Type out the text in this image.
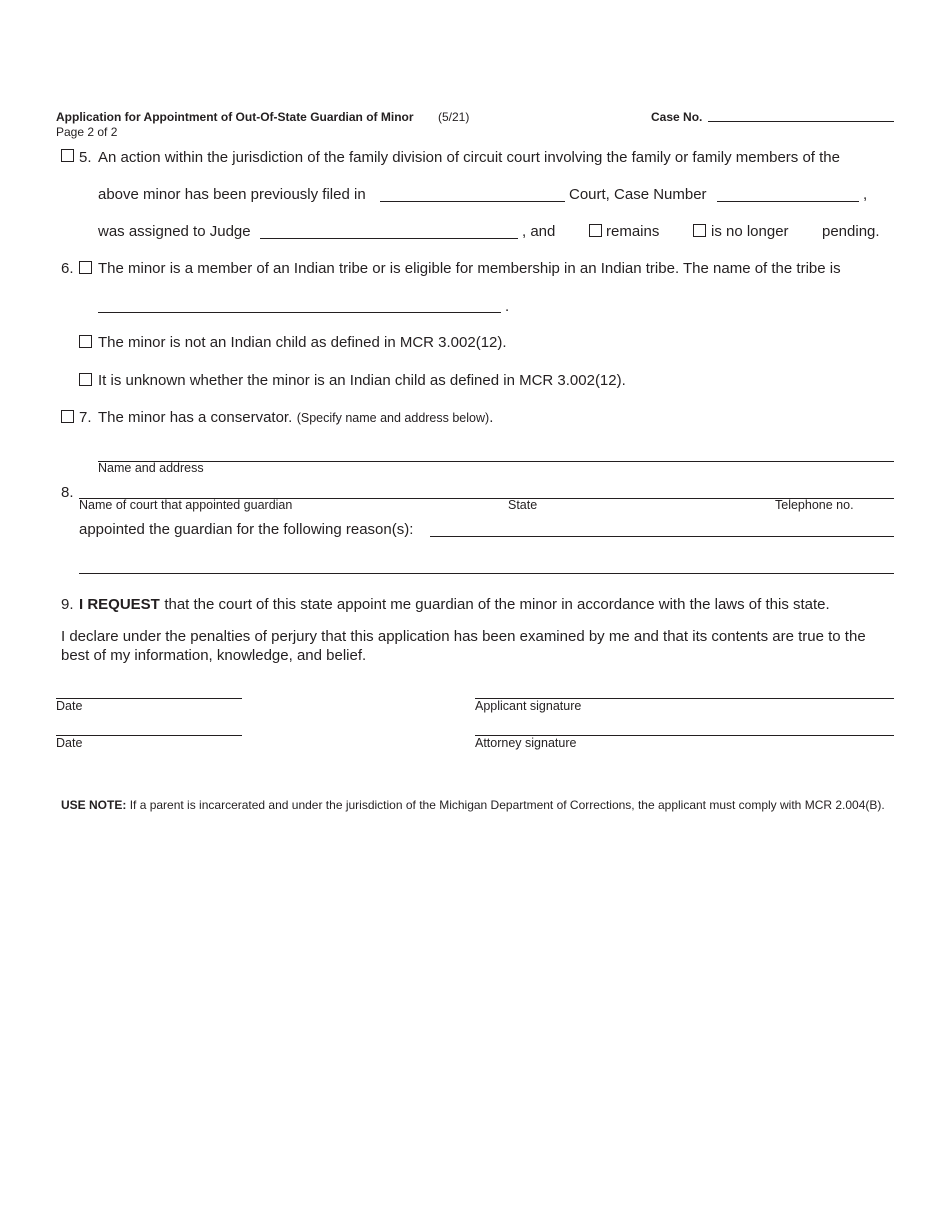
Application for Appointment of Out-Of-State Guardian of Minor (5/21)
Page 2 of 2
Case No.
5. An action within the jurisdiction of the family division of circuit court involving the family or family members of the
above minor has been previously filed in	Court, Case Number	,
was assigned to Judge	, and	remains	is no longer pending.
6. The minor is a member of an Indian tribe or is eligible for membership in an Indian tribe. The name of the tribe is
.
The minor is not an Indian child as defined in MCR 3.002(12).
It is unknown whether the minor is an Indian child as defined in MCR 3.002(12).
7. The minor has a conservator. (Specify name and address below).
Name and address
8.
Name of court that appointed guardian	State	Telephone no.
appointed the guardian for the following reason(s):
9. I REQUEST that the court of this state appoint me guardian of the minor in accordance with the laws of this state.
I declare under the penalties of perjury that this application has been examined by me and that its contents are true to the
best of my information, knowledge, and belief.
Date	Applicant signature
Date	Attorney signature
USE NOTE: If a parent is incarcerated and under the jurisdiction of the Michigan Department of Corrections, the applicant must comply with MCR 2.004(B).
